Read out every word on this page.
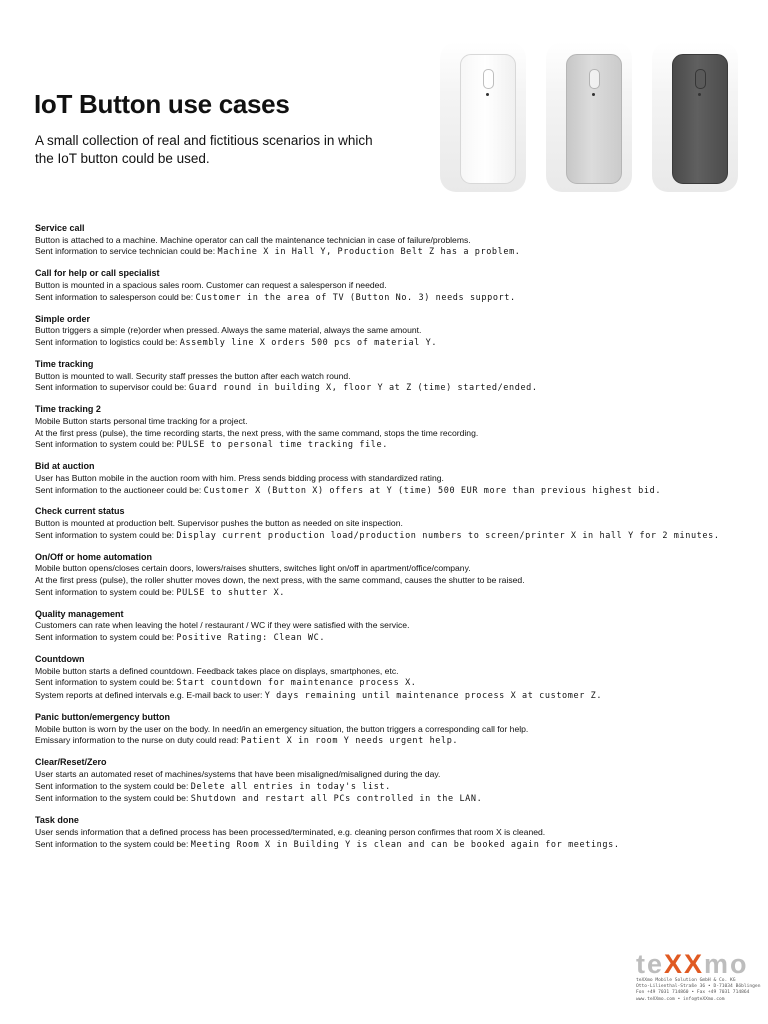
IoT Button use cases

A small collection of real and fictitious scenarios in which the IoT button could be used.

Service call
Button is attached to a machine. Machine operator can call the maintenance technician in case of failure/problems.
Sent information to service technician could be: Machine X in Hall Y, Production Belt Z has a problem.
Call for help or call specialist
Button is mounted in a spacious sales room. Customer can request a salesperson if needed.
Sent information to salesperson could be: Customer in the area of TV (Button No. 3) needs support.
Simple order
Button triggers a simple (re)order when pressed. Always the same material, always the same amount.
Sent information to logistics could be: Assembly line X orders 500 pcs of material Y.
Time tracking
Button is mounted to wall. Security staff presses the button after each watch round.
Sent information to supervisor could be: Guard round in building X, floor Y at Z (time) started/ended.
Time tracking 2
Mobile Button starts personal time tracking for a project.
At the first press (pulse), the time recording starts, the next press, with the same command, stops the time recording.
Sent information to system could be: PULSE to personal time tracking file.
Bid at auction
User has Button mobile in the auction room with him. Press sends bidding process with standardized rating.
Sent information to the auctioneer could be: Customer X (Button X) offers at Y (time) 500 EUR more than previous highest bid.
Check current status
Button is mounted at production belt. Supervisor pushes the button as needed on site inspection.
Sent information to system could be: Display current production load/production numbers to screen/printer X in hall Y for 2 minutes.
On/Off or home automation
Mobile button opens/closes certain doors, lowers/raises shutters, switches light on/off in apartment/office/company.
At the first press (pulse), the roller shutter moves down, the next press, with the same command, causes the shutter to be raised.
Sent information to system could be: PULSE to shutter X.
Quality management
Customers can rate when leaving the hotel / restaurant / WC if they were satisfied with the service.
Sent information to system could be: Positive Rating: Clean WC.
Countdown
Mobile button starts a defined countdown. Feedback takes place on displays, smartphones, etc.
Sent information to system could be: Start countdown for maintenance process X.
System reports at defined intervals e.g. E-mail back to user: Y days remaining until maintenance process X at customer Z.
Panic button/emergency button
Mobile button is worn by the user on the body. In need/in an emergency situation, the button triggers a corresponding call for help.
Emissary information to the nurse on duty could read: Patient X in room Y needs urgent help.
Clear/Reset/Zero
User starts an automated reset of machines/systems that have been misaligned/misaligned during the day.
Sent information to the system could be: Delete all entries in today's list.
Sent information to the system could be: Shutdown and restart all PCs controlled in the LAN.
Task done
User sends information that a defined process has been processed/terminated, e.g. cleaning person confirmes that room X is cleaned.
Sent information to the system could be: Meeting Room X in Building Y is clean and can be booked again for meetings.
teXXmo
teXXmo Mobile Solution GmbH & Co. KG
Otto-Lilienthal-Straße 36 • D-71034 Böblingen
Fon +49 7031 714860 • Fax +49 7031 714864
www.teXXmo.com • info@teXXmo.com
